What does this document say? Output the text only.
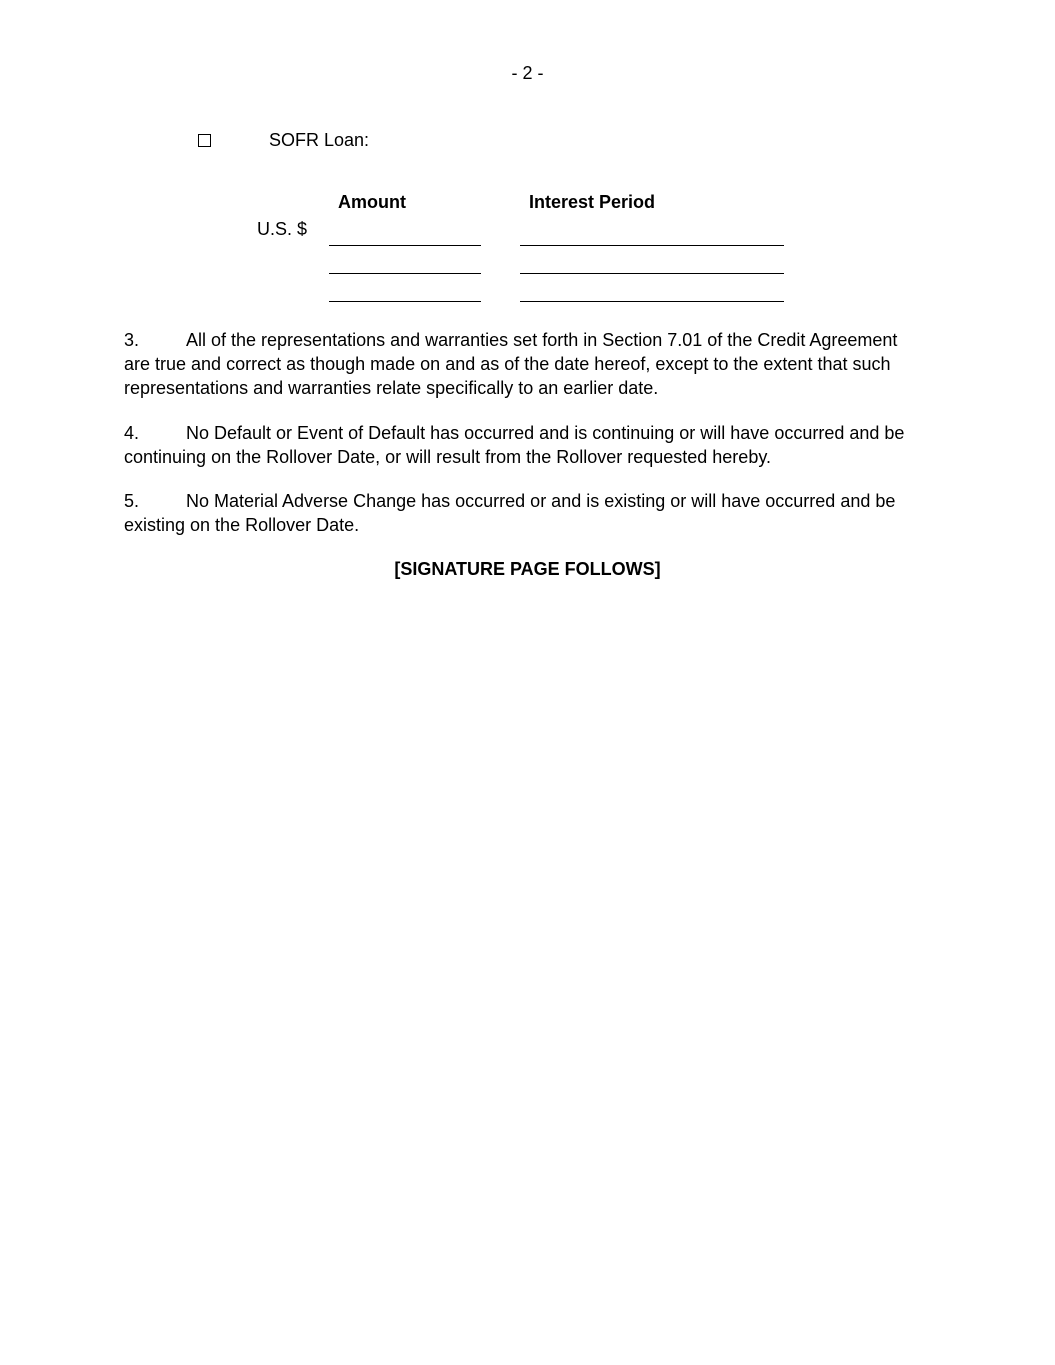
- 2 -
SOFR Loan:
Amount	Interest Period
U.S. $

3.	All of the representations and warranties set forth in Section 7.01 of the Credit Agreement are true and correct as though made on and as of the date hereof, except to the extent that such representations and warranties relate specifically to an earlier date.

4.	No Default or Event of Default has occurred and is continuing or will have occurred and be continuing on the Rollover Date, or will result from the Rollover requested hereby.

5.	No Material Adverse Change has occurred or and is existing or will have occurred and be existing on the Rollover Date.

[SIGNATURE PAGE FOLLOWS]
